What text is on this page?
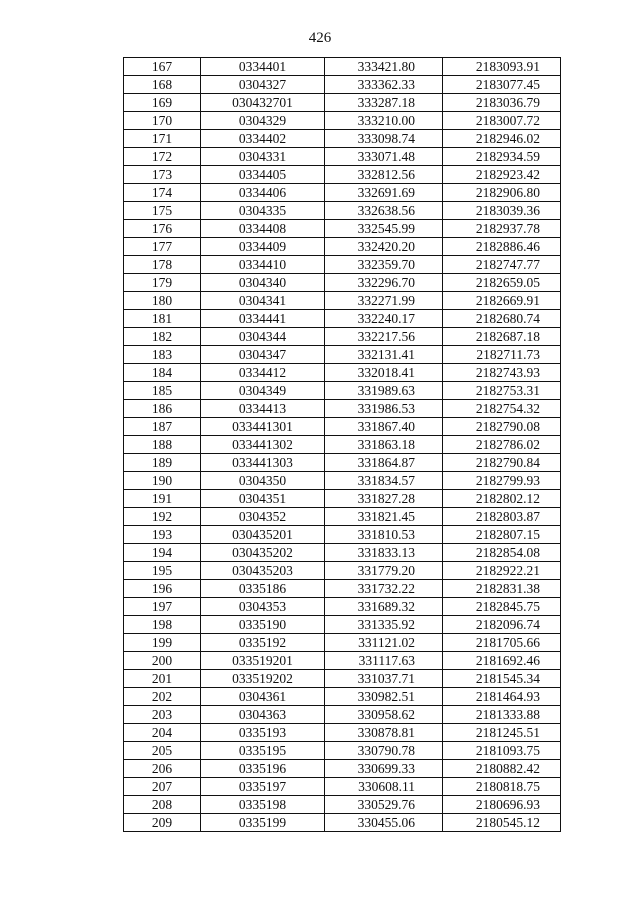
426
167	0334401	333421.80	2183093.91
168	0304327	333362.33	2183077.45
169	030432701	333287.18	2183036.79
170	0304329	333210.00	2183007.72
171	0334402	333098.74	2182946.02
172	0304331	333071.48	2182934.59
173	0334405	332812.56	2182923.42
174	0334406	332691.69	2182906.80
175	0304335	332638.56	2183039.36
176	0334408	332545.99	2182937.78
177	0334409	332420.20	2182886.46
178	0334410	332359.70	2182747.77
179	0304340	332296.70	2182659.05
180	0304341	332271.99	2182669.91
181	0334441	332240.17	2182680.74
182	0304344	332217.56	2182687.18
183	0304347	332131.41	2182711.73
184	0334412	332018.41	2182743.93
185	0304349	331989.63	2182753.31
186	0334413	331986.53	2182754.32
187	033441301	331867.40	2182790.08
188	033441302	331863.18	2182786.02
189	033441303	331864.87	2182790.84
190	0304350	331834.57	2182799.93
191	0304351	331827.28	2182802.12
192	0304352	331821.45	2182803.87
193	030435201	331810.53	2182807.15
194	030435202	331833.13	2182854.08
195	030435203	331779.20	2182922.21
196	0335186	331732.22	2182831.38
197	0304353	331689.32	2182845.75
198	0335190	331335.92	2182096.74
199	0335192	331121.02	2181705.66
200	033519201	331117.63	2181692.46
201	033519202	331037.71	2181545.34
202	0304361	330982.51	2181464.93
203	0304363	330958.62	2181333.88
204	0335193	330878.81	2181245.51
205	0335195	330790.78	2181093.75
206	0335196	330699.33	2180882.42
207	0335197	330608.11	2180818.75
208	0335198	330529.76	2180696.93
209	0335199	330455.06	2180545.12
